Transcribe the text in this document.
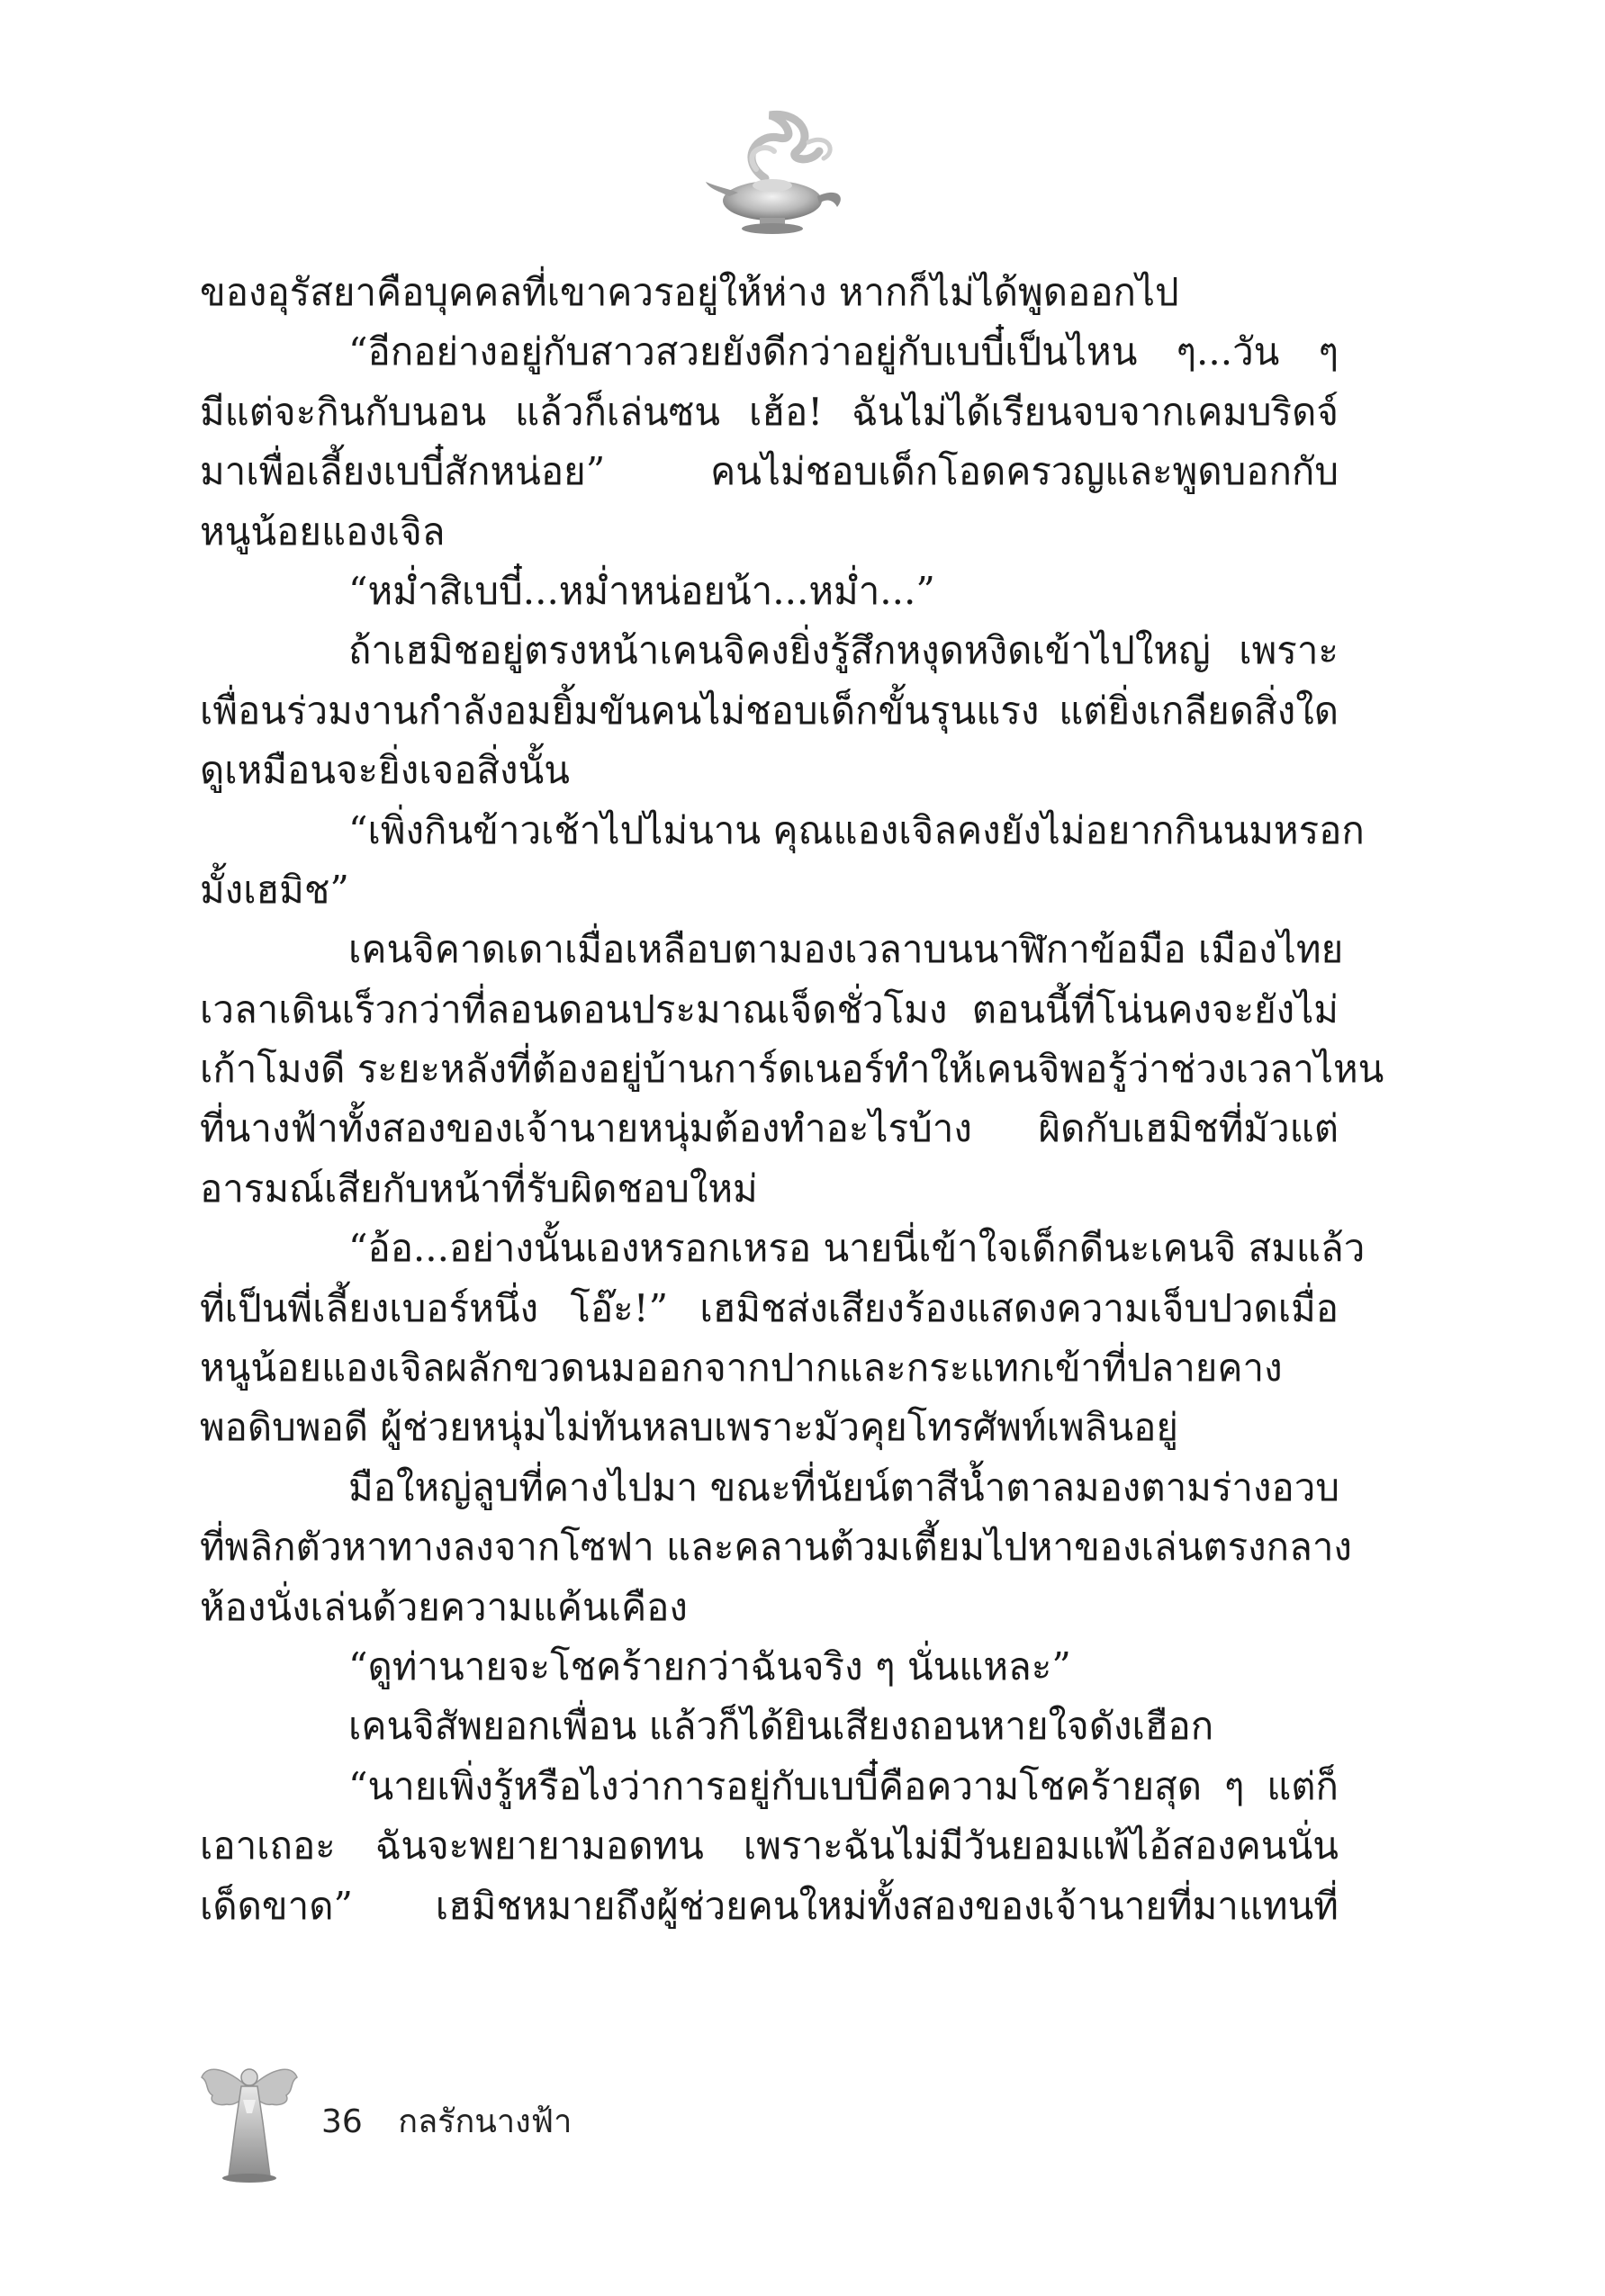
ของอุรัสยาคือบุคคลที่เขาควรอยู่ให้ห่าง หากก็ไม่ได้พูดออกไป
“อีกอย่างอยู่กับสาวสวยยังดีกว่าอยู่กับเบบี๋เป็นไหน ๆ...วัน ๆ
มีแต่จะกินกับนอน แล้วก็เล่นซน เฮ้อ! ฉันไม่ได้เรียนจบจากเคมบริดจ์
มาเพื่อเลี้ยงเบบี๋สักหน่อย” คนไม่ชอบเด็กโอดครวญและพูดบอกกับ
หนูน้อยแองเจิล
“หม่ำสิเบบี๋...หม่ำหน่อยน้า...หม่ำ...”
ถ้าเฮมิชอยู่ตรงหน้าเคนจิคงยิ่งรู้สึกหงุดหงิดเข้าไปใหญ่ เพราะ
เพื่อนร่วมงานกำลังอมยิ้มขันคนไม่ชอบเด็กขั้นรุนแรง แต่ยิ่งเกลียดสิ่งใด
ดูเหมือนจะยิ่งเจอสิ่งนั้น
“เพิ่งกินข้าวเช้าไปไม่นาน คุณแองเจิลคงยังไม่อยากกินนมหรอก
มั้งเฮมิช”
เคนจิคาดเดาเมื่อเหลือบตามองเวลาบนนาฬิกาข้อมือ เมืองไทย
เวลาเดินเร็วกว่าที่ลอนดอนประมาณเจ็ดชั่วโมง ตอนนี้ที่โน่นคงจะยังไม่
เก้าโมงดี ระยะหลังที่ต้องอยู่บ้านการ์ดเนอร์ทำให้เคนจิพอรู้ว่าช่วงเวลาไหน
ที่นางฟ้าทั้งสองของเจ้านายหนุ่มต้องทำอะไรบ้าง ผิดกับเฮมิชที่มัวแต่
อารมณ์เสียกับหน้าที่รับผิดชอบใหม่
“อ้อ...อย่างนั้นเองหรอกเหรอ นายนี่เข้าใจเด็กดีนะเคนจิ สมแล้ว
ที่เป็นพี่เลี้ยงเบอร์หนึ่ง โอ๊ะ!” เฮมิชส่งเสียงร้องแสดงความเจ็บปวดเมื่อ
หนูน้อยแองเจิลผลักขวดนมออกจากปากและกระแทกเข้าที่ปลายคาง
พอดิบพอดี ผู้ช่วยหนุ่มไม่ทันหลบเพราะมัวคุยโทรศัพท์เพลินอยู่
มือใหญ่ลูบที่คางไปมา ขณะที่นัยน์ตาสีน้ำตาลมองตามร่างอวบ
ที่พลิกตัวหาทางลงจากโซฟา และคลานต้วมเตี้ยมไปหาของเล่นตรงกลาง
ห้องนั่งเล่นด้วยความแค้นเคือง
“ดูท่านายจะโชคร้ายกว่าฉันจริง ๆ นั่นแหละ”
เคนจิสัพยอกเพื่อน แล้วก็ได้ยินเสียงถอนหายใจดังเฮือก
“นายเพิ่งรู้หรือไงว่าการอยู่กับเบบี๋คือความโชคร้ายสุด ๆ แต่ก็
เอาเถอะ ฉันจะพยายามอดทน เพราะฉันไม่มีวันยอมแพ้ไอ้สองคนนั่น
เด็ดขาด” เฮมิชหมายถึงผู้ช่วยคนใหม่ทั้งสองของเจ้านายที่มาแทนที่
36 กลรักนางฟ้า
